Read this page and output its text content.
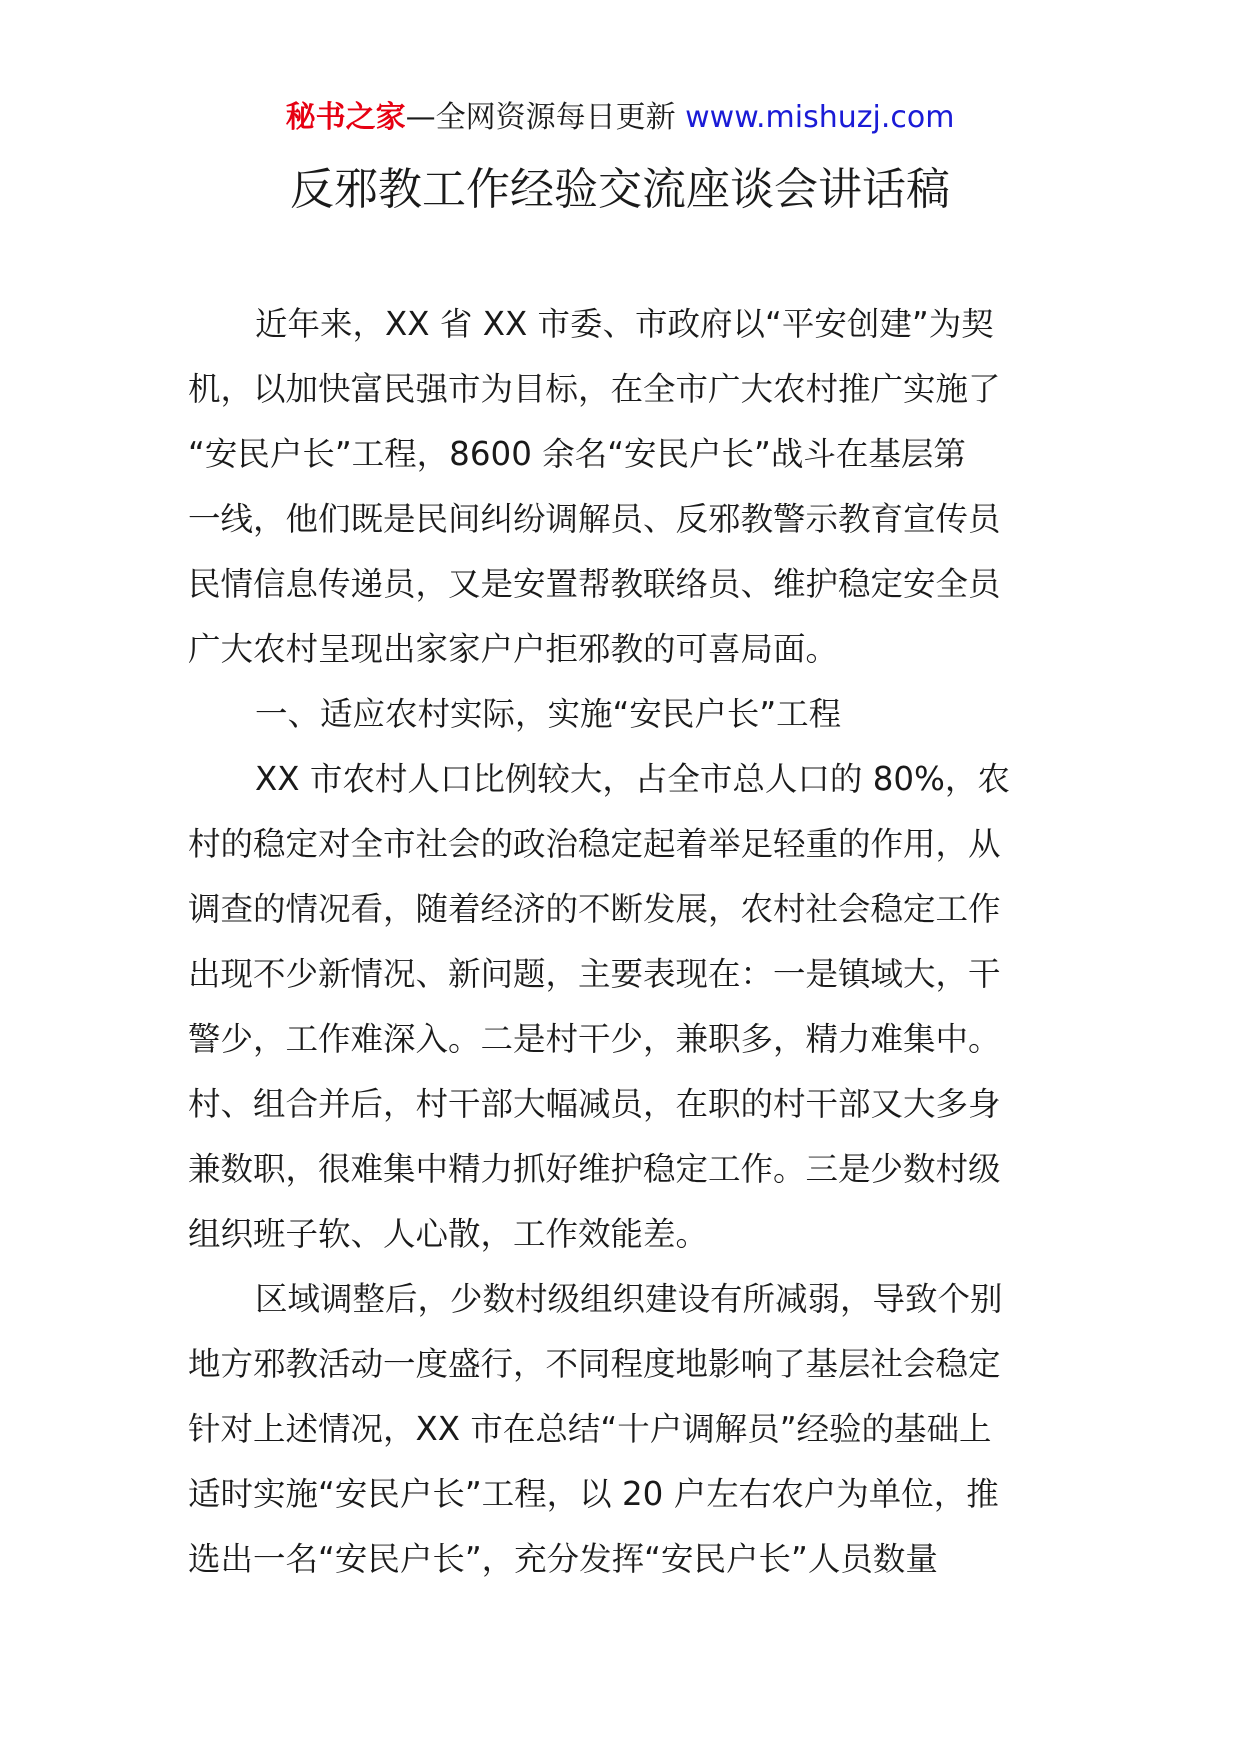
秘书之家—全网资源每日更新 www.mishuzj.com
反邪教工作经验交流座谈会讲话稿
近年来，XX 省 XX 市委、市政府以“平安创建”为契
机，以加快富民强市为目标，在全市广大农村推广实施了
“安民户长”工程，8600 余名“安民户长”战斗在基层第
一线，他们既是民间纠纷调解员、反邪教警示教育宣传员
民情信息传递员，又是安置帮教联络员、维护稳定安全员
广大农村呈现出家家户户拒邪教的可喜局面。
一、适应农村实际，实施“安民户长”工程
XX 市农村人口比例较大，占全市总人口的 80%，农
村的稳定对全市社会的政治稳定起着举足轻重的作用，从
调查的情况看，随着经济的不断发展，农村社会稳定工作
出现不少新情况、新问题，主要表现在：一是镇域大，干
警少，工作难深入。二是村干少，兼职多，精力难集中。
村、组合并后，村干部大幅减员，在职的村干部又大多身
兼数职，很难集中精力抓好维护稳定工作。三是少数村级
组织班子软、人心散，工作效能差。
区域调整后，少数村级组织建设有所减弱，导致个别
地方邪教活动一度盛行，不同程度地影响了基层社会稳定
针对上述情况，XX 市在总结“十户调解员”经验的基础上
适时实施“安民户长”工程，以 20 户左右农户为单位，推
选出一名“安民户长”，充分发挥“安民户长”人员数量
